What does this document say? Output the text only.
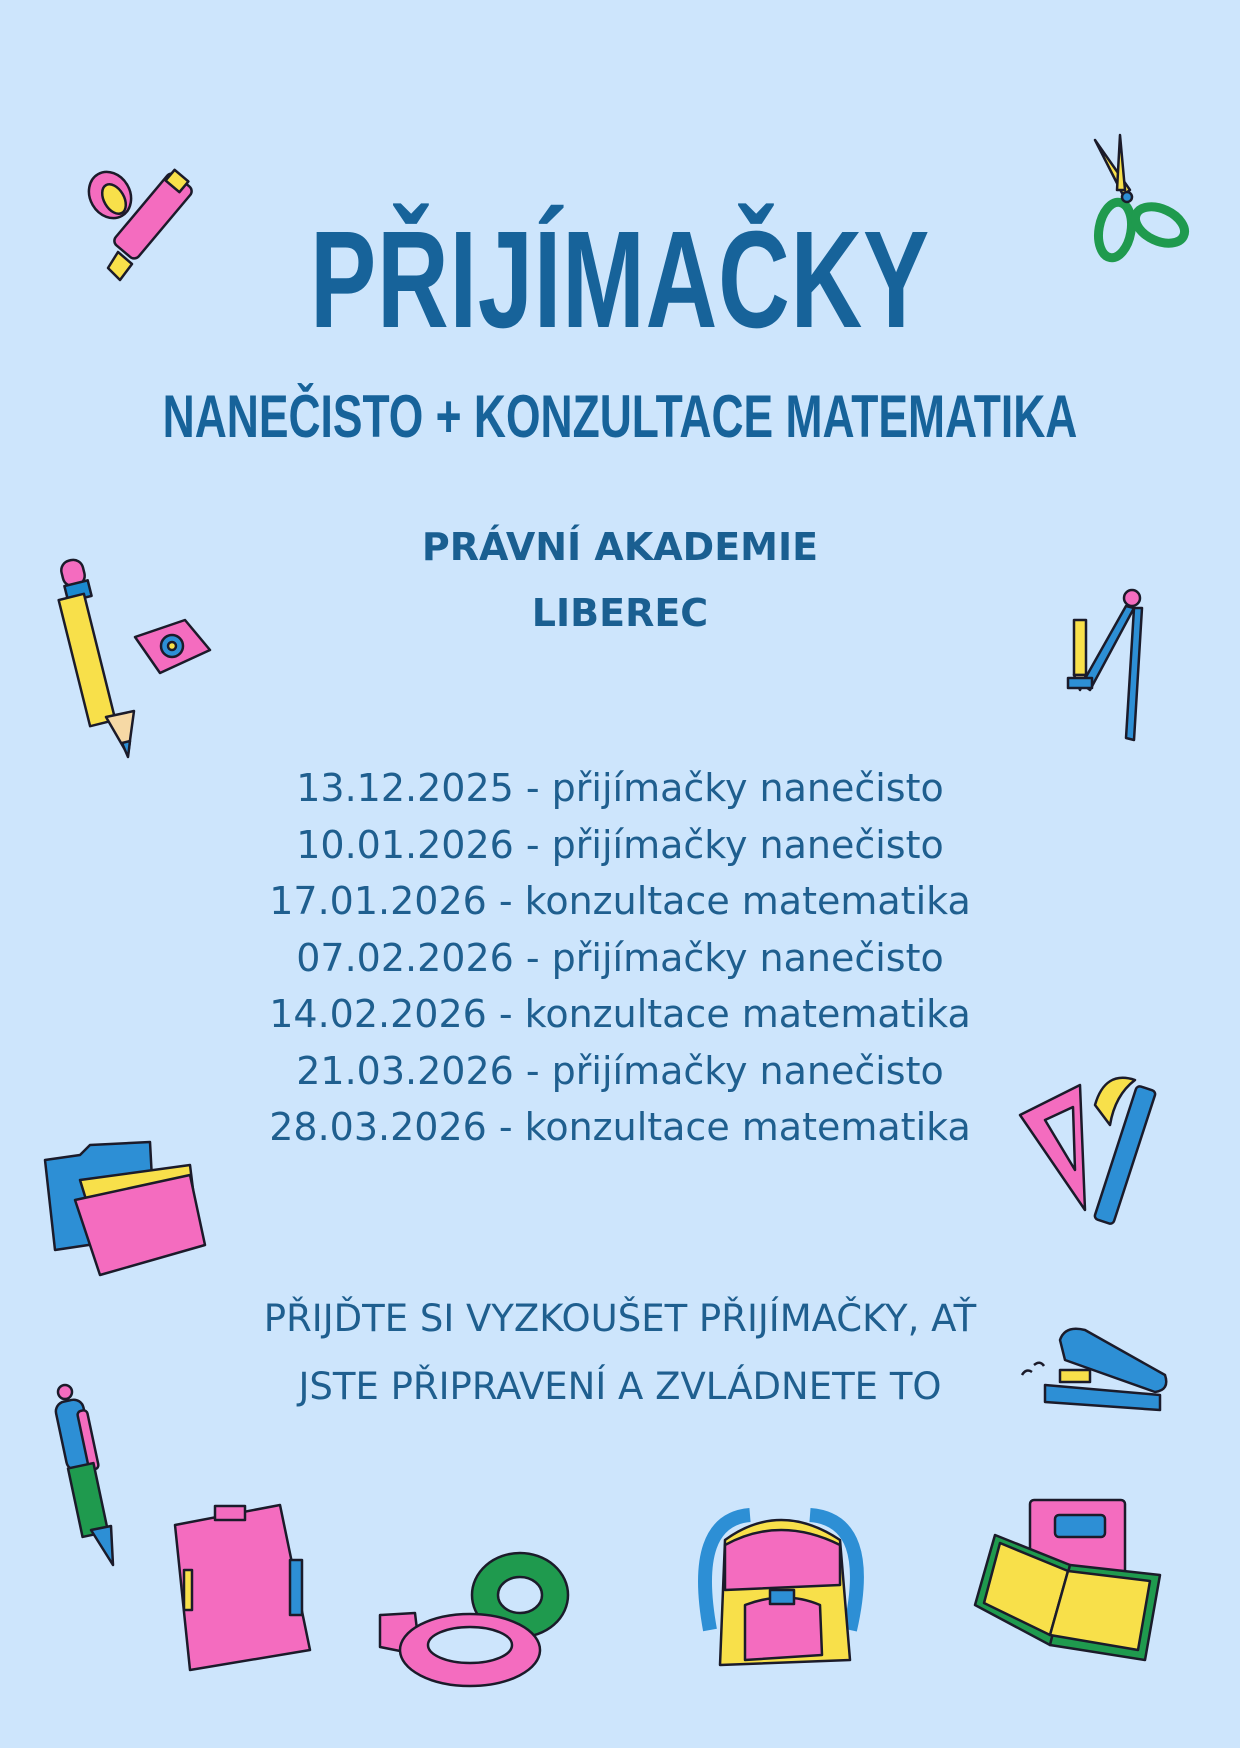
PŘIJÍMAČKY
NANEČISTO + KONZULTACE MATEMATIKA
PRÁVNÍ AKADEMIE
LIBEREC
13.12.2025 - přijímačky nanečisto
10.01.2026 - přijímačky nanečisto
17.01.2026 - konzultace matematika
07.02.2026 - přijímačky nanečisto
14.02.2026 - konzultace matematika
21.03.2026 - přijímačky nanečisto
28.03.2026 - konzultace matematika
PŘIJĎTE SI VYZKOUŠET PŘIJÍMAČKY, AŤ
JSTE PŘIPRAVENÍ A ZVLÁDNETE TO
